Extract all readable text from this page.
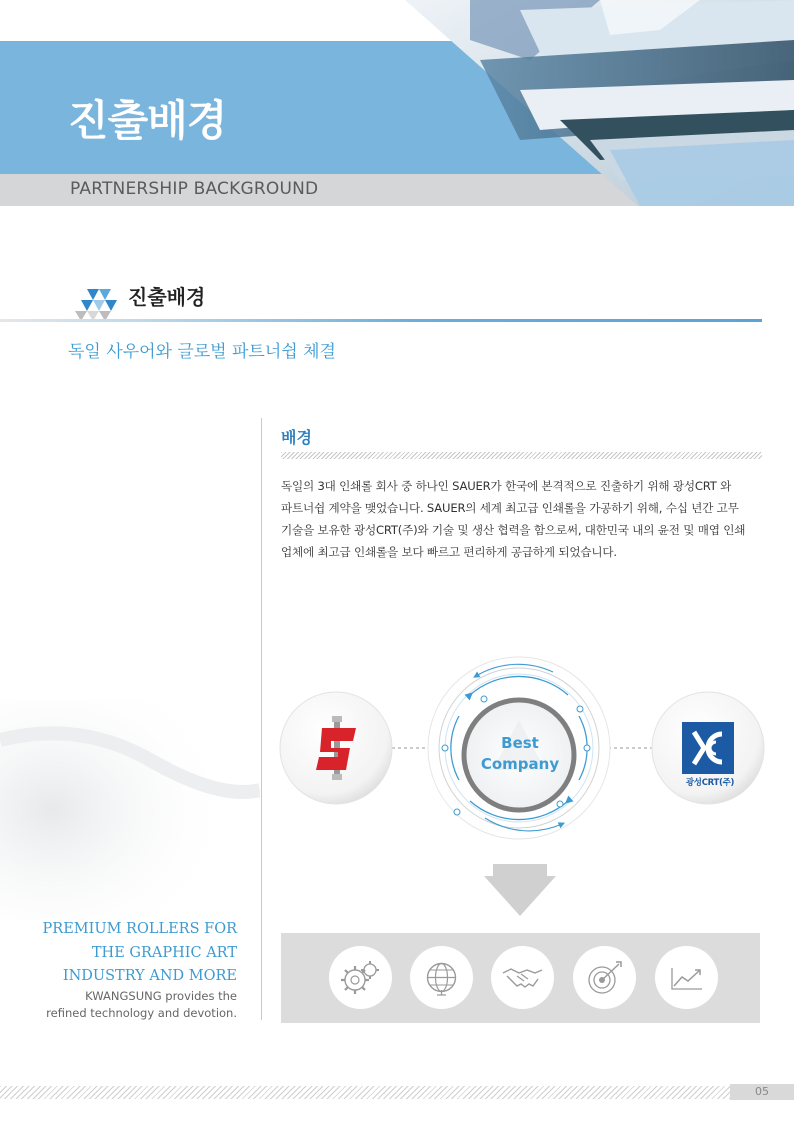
진출배경
PARTNERSHIP BACKGROUND
진출배경
독일 사우어와 글로벌 파트너쉽 체결
PREMIUM ROLLERS FOR
THE GRAPHIC ART
INDUSTRY AND MORE
KWANGSUNG provides the
refined technology and devotion.
배경
독일의 3대 인쇄롤 회사 중 하나인 SAUER가 한국에 본격적으로 진출하기 위해 광성CRT 와
파트너쉽 계약을 맺었습니다. SAUER의 세계 최고급 인쇄롤을 가공하기 위해, 수십 년간 고무
기술을 보유한 광성CRT(주)와 기술 및 생산 협력을 함으로써, 대한민국 내의 윤전 및 매엽 인쇄
업체에 최고급 인쇄롤을 보다 빠르고 편리하게 공급하게 되었습니다.
Best
Company
광성CRT(주)
05
